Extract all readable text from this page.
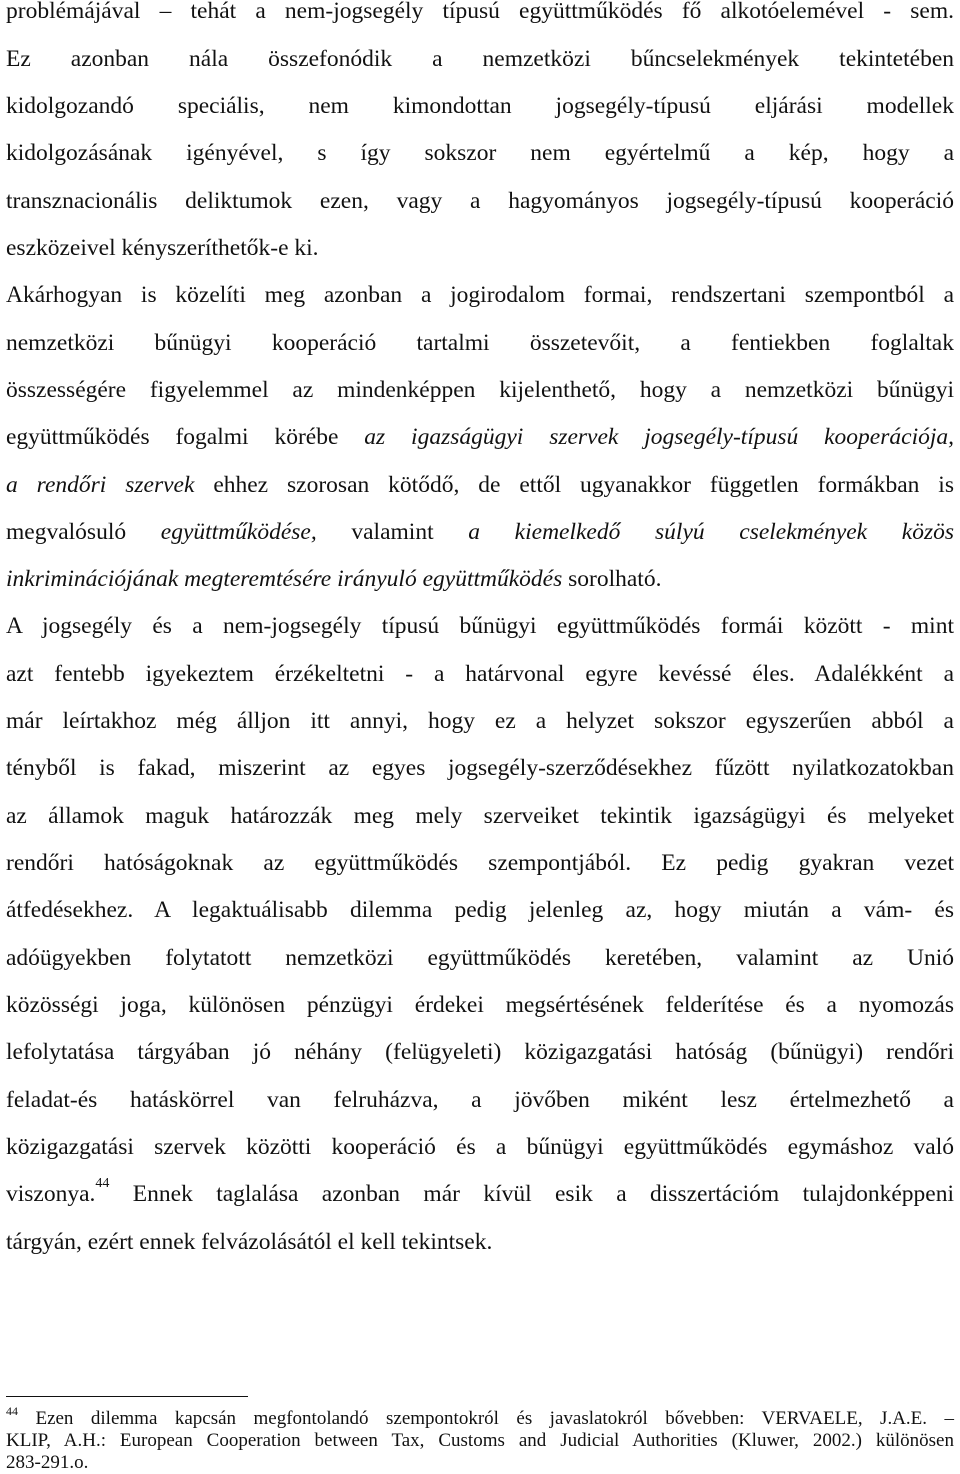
problémájával – tehát a nem-jogsegély típusú együttműködés fő alkotóelemével - sem.
Ez azonban nála összefonódik a nemzetközi bűncselekmények tekintetében
kidolgozandó speciális, nem kimondottan jogsegély-típusú eljárási modellek
kidolgozásának igényével, s így sokszor nem egyértelmű a kép, hogy a
transznacionális deliktumok ezen, vagy a hagyományos jogsegély-típusú kooperáció
eszközeivel kényszeríthetők-e ki.
Akárhogyan is közelíti meg azonban a jogirodalom formai, rendszertani szempontból a
nemzetközi bűnügyi kooperáció tartalmi összetevőit, a fentiekben foglaltak
összességére figyelemmel az mindenképpen kijelenthető, hogy a nemzetközi bűnügyi
együttműködés fogalmi körébe az igazságügyi szervek jogsegély-típusú kooperációja,
a rendőri szervek ehhez szorosan kötődő, de ettől ugyanakkor független formákban is
megvalósuló együttműködése, valamint a kiemelkedő súlyú cselekmények közös
inkriminációjának megteremtésére irányuló együttműködés sorolható.
A jogsegély és a nem-jogsegély típusú bűnügyi együttműködés formái között - mint
azt fentebb igyekeztem érzékeltetni - a határvonal egyre kevéssé éles. Adalékként a
már leírtakhoz még álljon itt annyi, hogy ez a helyzet sokszor egyszerűen abból a
tényből is fakad, miszerint az egyes jogsegély-szerződésekhez fűzött nyilatkozatokban
az államok maguk határozzák meg mely szerveiket tekintik igazságügyi és melyeket
rendőri hatóságoknak az együttműködés szempontjából. Ez pedig gyakran vezet
átfedésekhez. A legaktuálisabb dilemma pedig jelenleg az, hogy miután a vám- és
adóügyekben folytatott nemzetközi együttműködés keretében, valamint az Unió
közösségi joga, különösen pénzügyi érdekei megsértésének felderítése és a nyomozás
lefolytatása tárgyában jó néhány (felügyeleti) közigazgatási hatóság (bűnügyi) rendőri
feladat-és hatáskörrel van felruházva, a jövőben miként lesz értelmezhető a
közigazgatási szervek közötti kooperáció és a bűnügyi együttműködés egymáshoz való
viszonya.$^{44}$ Ennek taglalása azonban már kívül esik a disszertációm tulajdonképpeni
tárgyán, ezért ennek felvázolásától el kell tekintsek.
$^{44}$ Ezen dilemma kapcsán megfontolandó szempontokról és javaslatokról bővebben: VERVAELE, J.A.E. –
KLIP, A.H.: European Cooperation between Tax, Customs and Judicial Authorities (Kluwer, 2002.) különösen
283-291.o.
